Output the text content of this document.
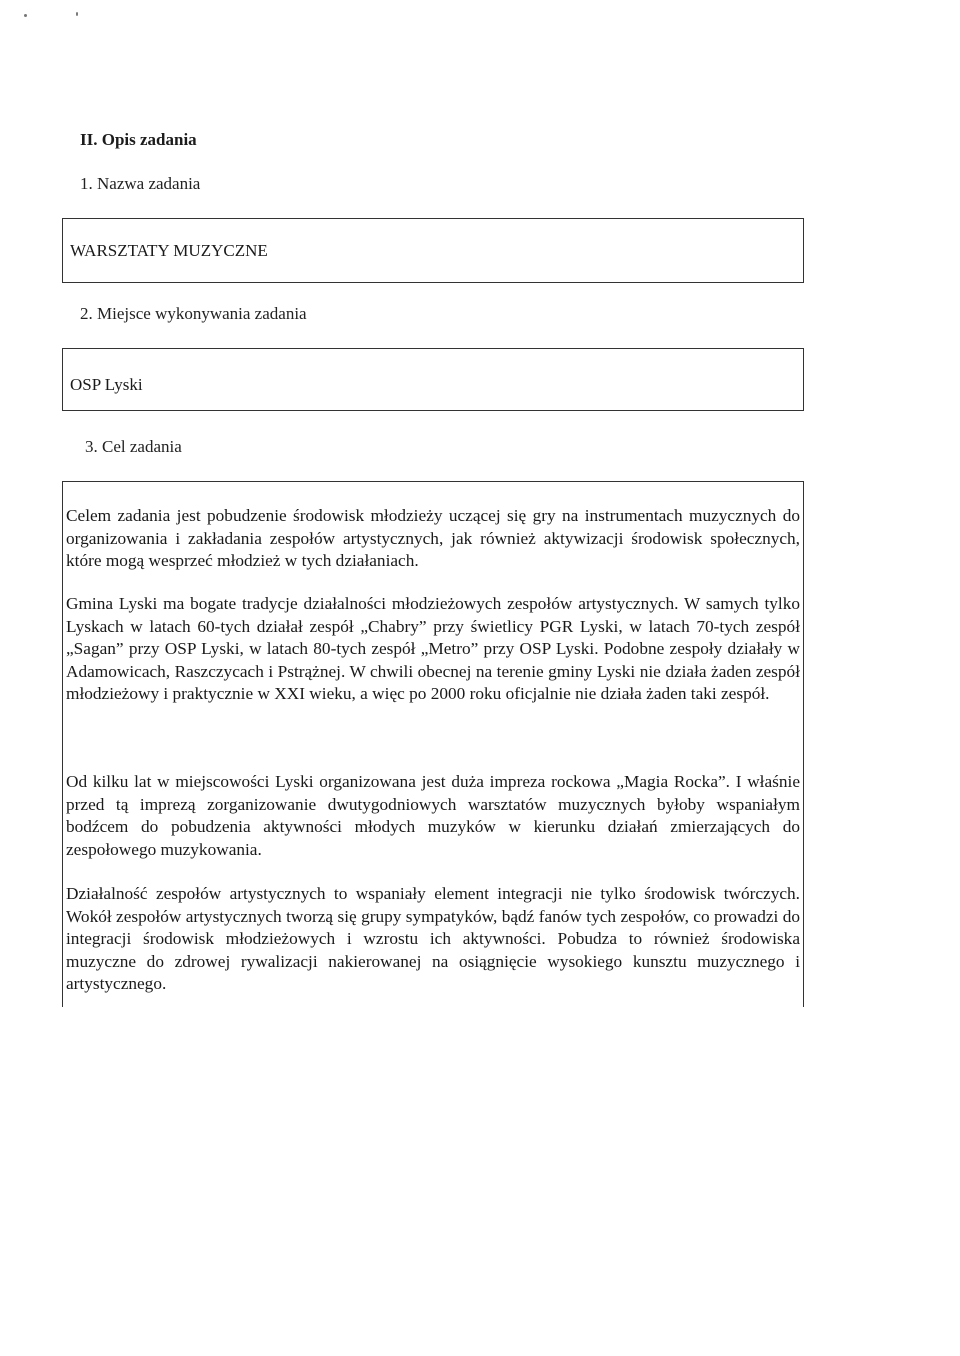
II. Opis zadania

1. Nazwa zadania

WARSZTATY MUZYCZNE

2. Miejsce wykonywania zadania

OSP Lyski

3. Cel zadania

Celem zadania jest pobudzenie środowisk młodzieży uczącej się gry na instrumentach muzycznych do organizowania i zakładania zespołów artystycznych, jak również aktywizacji środowisk społecznych, które mogą wesprzeć młodzież w tych działaniach.

Gmina Lyski ma bogate tradycje działalności młodzieżowych zespołów artystycznych. W samych tylko Lyskach w latach 60-tych działał zespół „Chabry” przy świetlicy PGR Lyski, w latach 70-tych zespół „Sagan” przy OSP Lyski, w latach 80-tych zespół „Metro” przy OSP Lyski. Podobne zespoły działały w Adamowicach, Raszczycach i Pstrążnej. W chwili obecnej na terenie gminy Lyski nie działa żaden zespół młodzieżowy i praktycznie w XXI wieku, a więc po 2000 roku oficjalnie nie działa żaden taki zespół.

Od kilku lat w miejscowości Lyski organizowana jest duża impreza rockowa „Magia Rocka”. I właśnie przed tą imprezą zorganizowanie dwutygodniowych warsztatów muzycznych byłoby wspaniałym bodźcem do pobudzenia aktywności młodych muzyków w kierunku działań zmierzających do zespołowego muzykowania.

Działalność zespołów artystycznych to wspaniały element integracji nie tylko środowisk twórczych. Wokół zespołów artystycznych tworzą się grupy sympatyków, bądź fanów tych zespołów, co prowadzi do integracji środowisk młodzieżowych i wzrostu ich aktywności. Pobudza to również środowiska muzyczne do zdrowej rywalizacji nakierowanej na osiągnięcie wysokiego kunsztu muzycznego i artystycznego.
